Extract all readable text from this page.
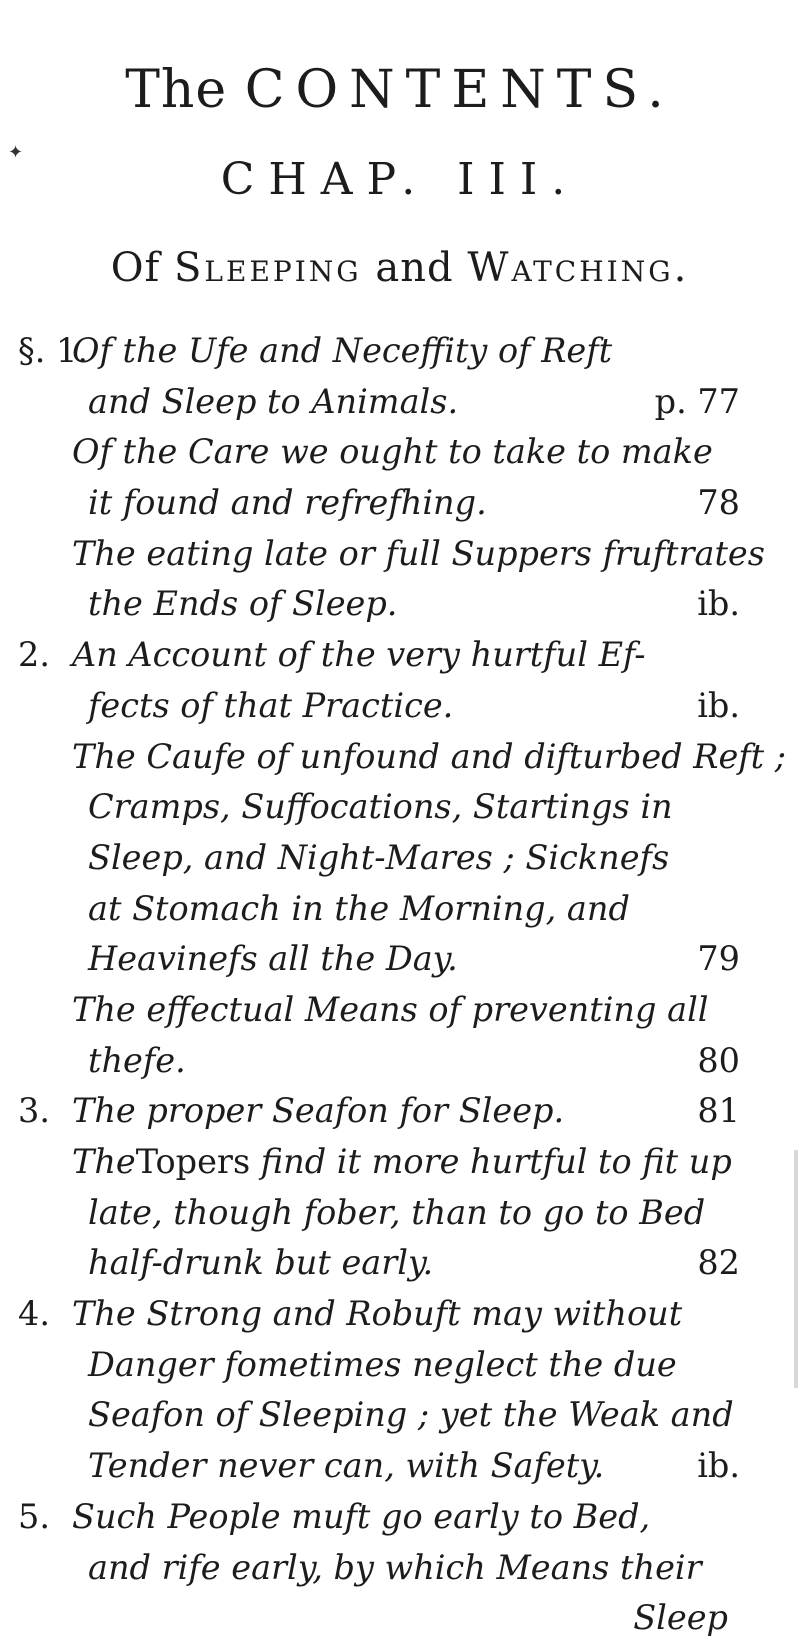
The CONTENTS.
✦
CHAP. III.
Of Sleeping and Watching.
§. 1.
Of the Ufe and Neceffity of Reft
and Sleep to Animals.	p. 77
Of the Care we ought to take to make
it found and refrefhing.	78
The eating late or full Suppers fruftrates
the Ends of Sleep.	ib.
2. An Account of the very hurtful Ef-
fects of that Practice.	ib.
The Caufe of unfound and difturbed Reft ;
Cramps, Suffocations, Startings in
Sleep, and Night-Mares ; Sicknefs
at Stomach in the Morning, and
Heavinefs all the Day.	79
The effectual Means of preventing all
thefe.	80
3. The proper Seafon for Sleep.	81
TheTopers find it more hurtful to fit up
late, though fober, than to go to Bed
half-drunk but early.	82
4. The Strong and Robuft may without
Danger fometimes neglect the due
Seafon of Sleeping ; yet the Weak and
Tender never can, with Safety.	ib.
5. Such People muft go early to Bed,
and rife early, by which Means their
Sleep
